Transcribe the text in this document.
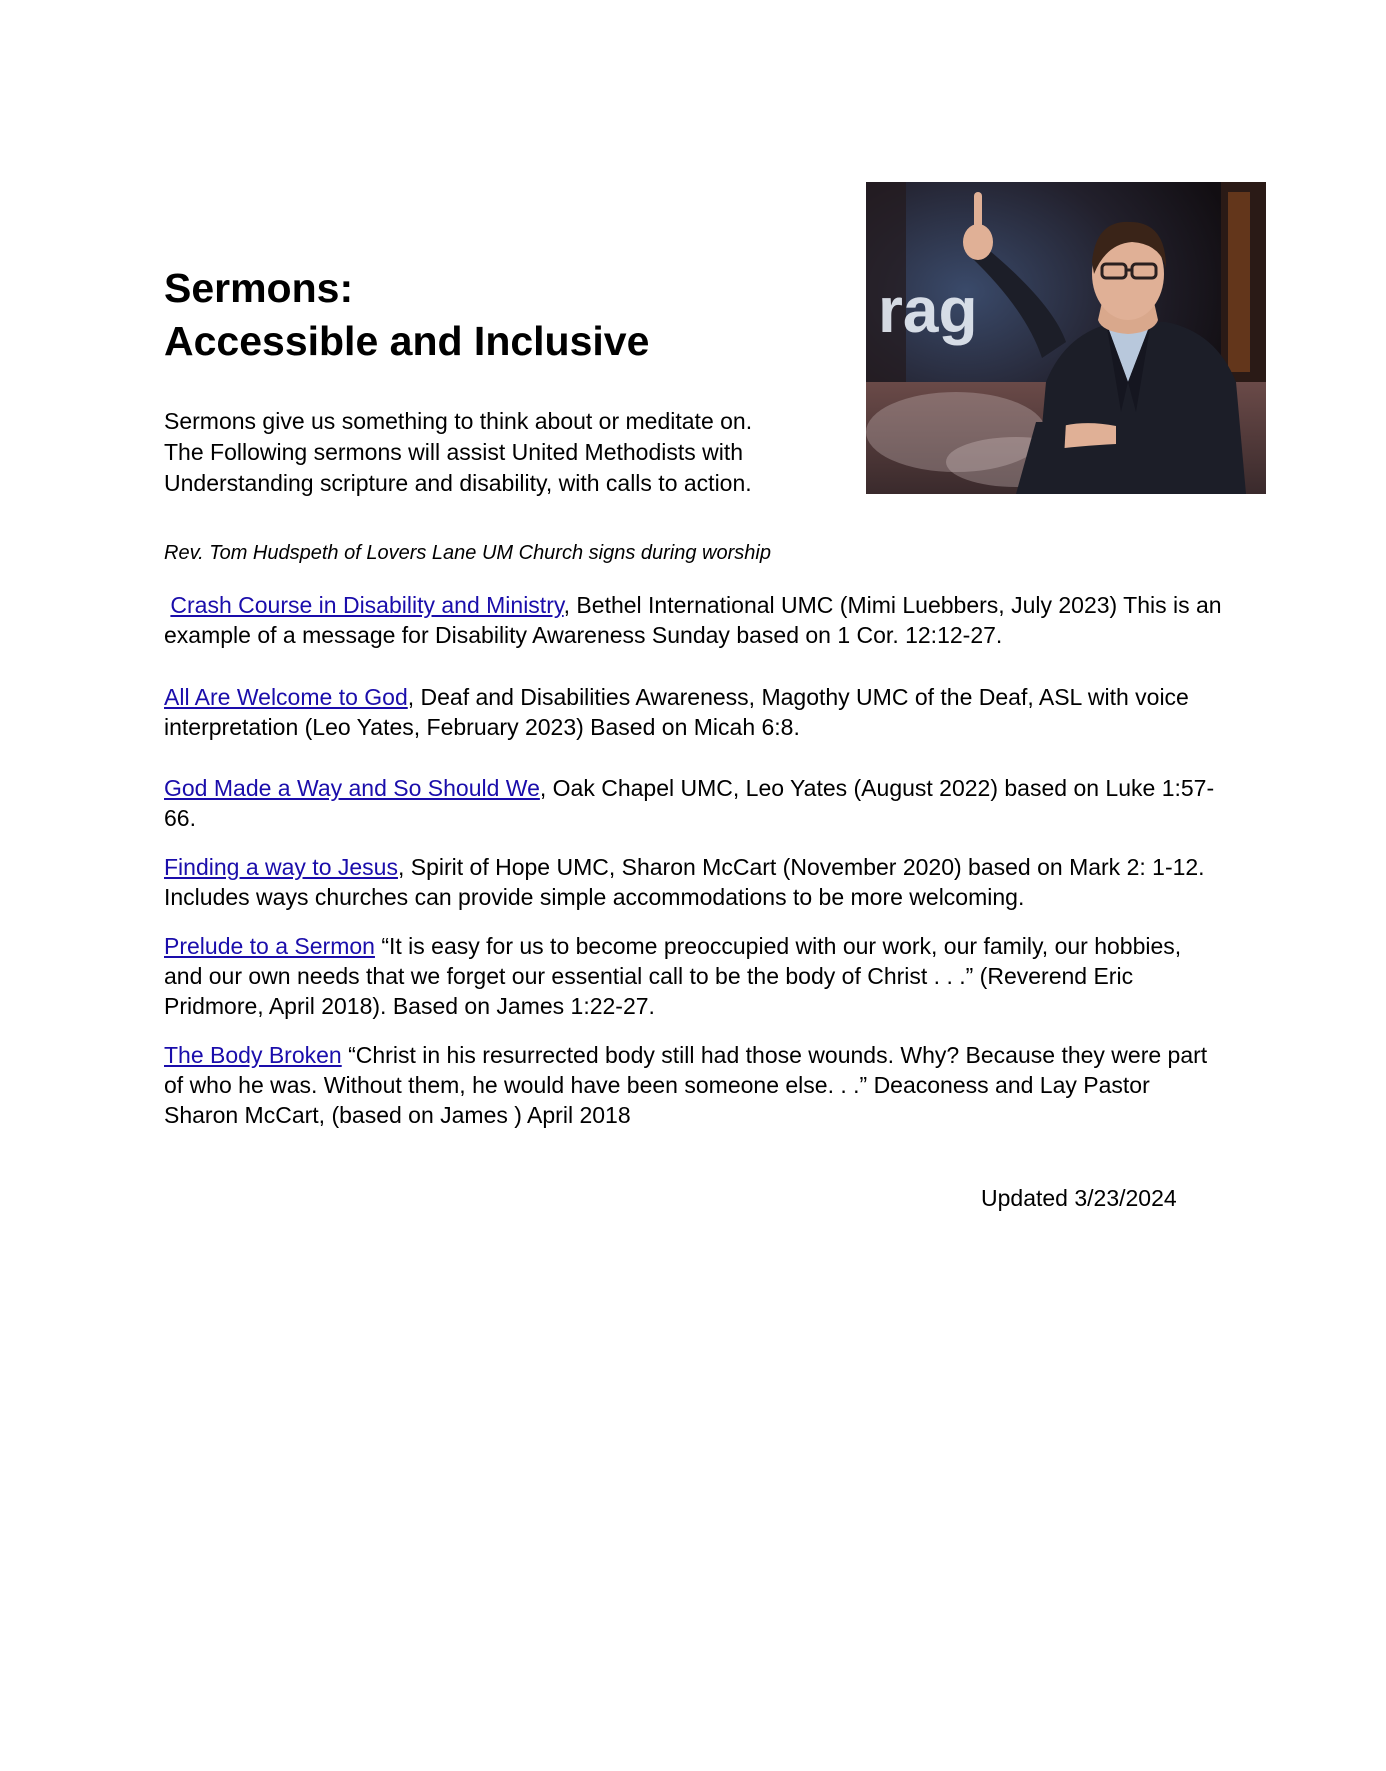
Sermons:
Accessible and Inclusive

Sermons give us something to think about or meditate on.
The Following sermons will assist United Methodists with
Understanding scripture and disability, with calls to action.

rag

Rev. Tom Hudspeth of Lovers Lane UM Church signs during worship

Crash Course in Disability and Ministry, Bethel International UMC (Mimi Luebbers, July 2023) This is an example of a message for Disability Awareness Sunday based on 1 Cor. 12:12-27.

All Are Welcome to God, Deaf and Disabilities Awareness, Magothy UMC of the Deaf, ASL with voice interpretation (Leo Yates, February 2023) Based on Micah 6:8.

God Made a Way and So Should We, Oak Chapel UMC, Leo Yates (August 2022) based on Luke 1:57-66.

Finding a way to Jesus, Spirit of Hope UMC, Sharon McCart (November 2020) based on Mark 2: 1-12. Includes ways churches can provide simple accommodations to be more welcoming.

Prelude to a Sermon “It is easy for us to become preoccupied with our work, our family, our hobbies, and our own needs that we forget our essential call to be the body of Christ . . .” (Reverend Eric Pridmore, April 2018). Based on James 1:22-27.

The Body Broken “Christ in his resurrected body still had those wounds. Why? Because they were part of who he was. Without them, he would have been someone else. . .” Deaconess and Lay Pastor Sharon McCart, (based on James ) April 2018

Updated 3/23/2024
